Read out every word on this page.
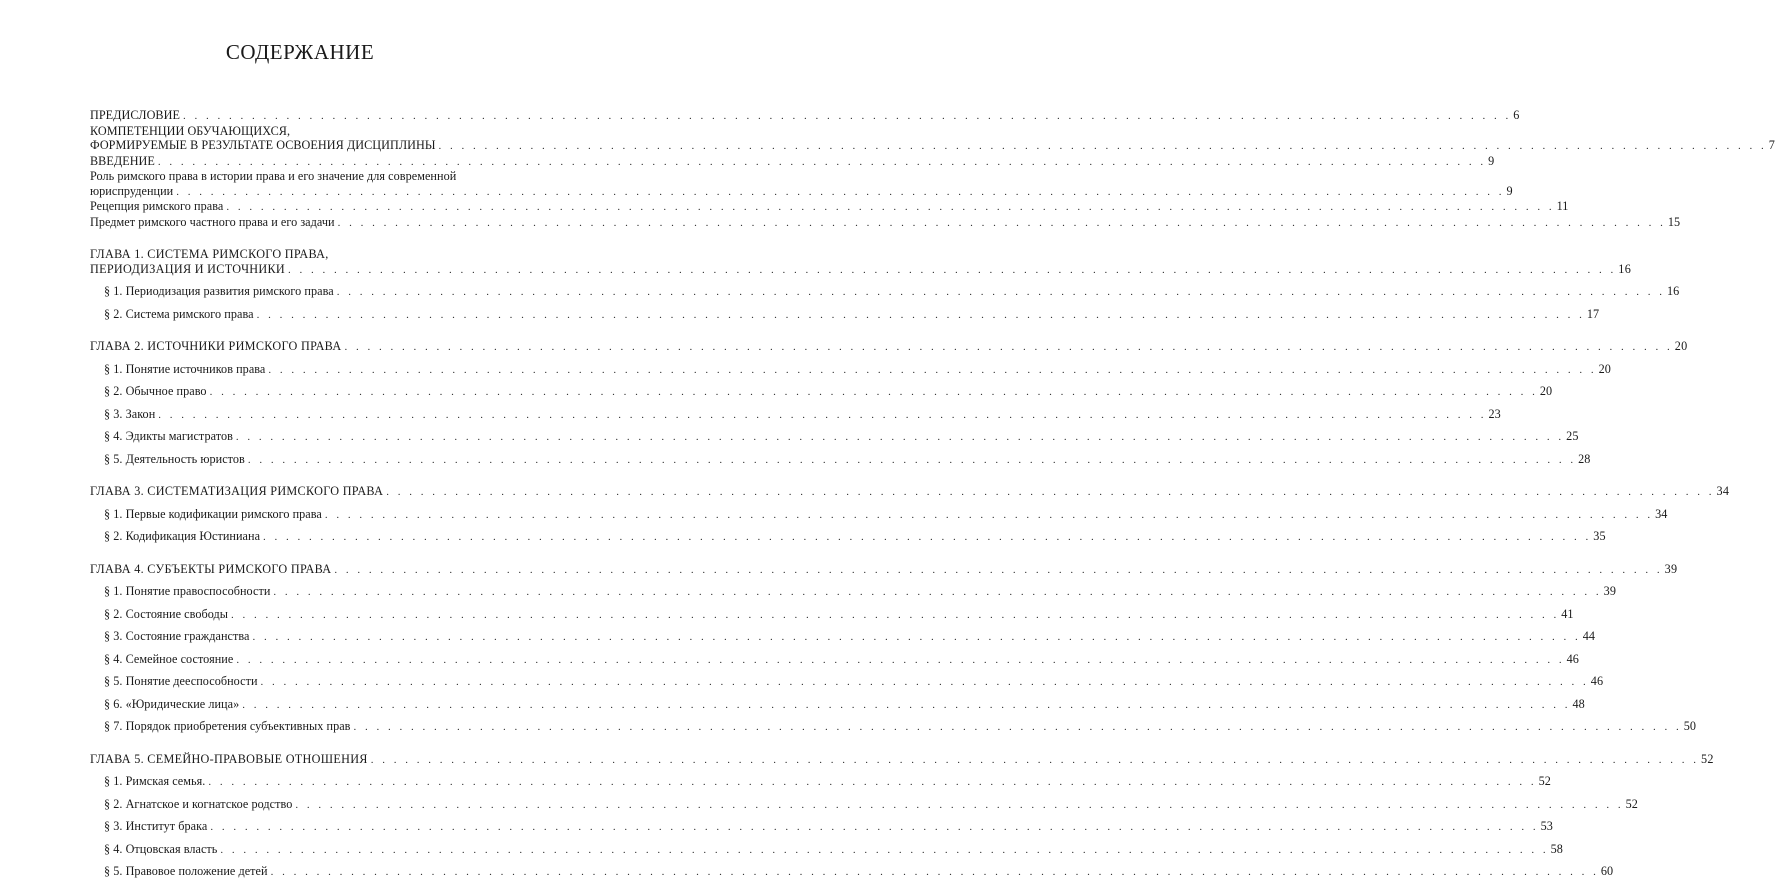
СОДЕРЖАНИЕ
ПРЕДИСЛОВИЕ . . .	6
КОМПЕТЕНЦИИ ОБУЧАЮЩИХСЯ,
ФОРМИРУЕМЫЕ В РЕЗУЛЬТАТЕ ОСВОЕНИЯ ДИСЦИПЛИНЫ . . .	7
ВВЕДЕНИЕ . . .	9
Роль римского права в истории права и его значение для современной
юриспруденции . . .	9
Рецепция римского права . . .	11
Предмет римского частного права и его задачи . . .	15
ГЛАВА 1. СИСТЕМА РИМСКОГО ПРАВА,
ПЕРИОДИЗАЦИЯ И ИСТОЧНИКИ . . .	16
§ 1. Периодизация развития римского права . . .	16
§ 2. Система римского права . . .	17
ГЛАВА 2. ИСТОЧНИКИ РИМСКОГО ПРАВА . . .	20
§ 1. Понятие источников права . . .	20
§ 2. Обычное право . . .	20
§ 3. Закон . . .	23
§ 4. Эдикты магистратов . . .	25
§ 5. Деятельность юристов . . .	28
ГЛАВА 3. СИСТЕМАТИЗАЦИЯ РИМСКОГО ПРАВА . . .	34
§ 1. Первые кодификации римского права . . .	34
§ 2. Кодификация Юстиниана . . .	35
ГЛАВА 4. СУБЪЕКТЫ РИМСКОГО ПРАВА . . .	39
§ 1. Понятие правоспособности . . .	39
§ 2. Состояние свободы . . .	41
§ 3. Состояние гражданства . . .	44
§ 4. Семейное состояние . . .	46
§ 5. Понятие дееспособности . . .	46
§ 6. «Юридические лица» . . .	48
§ 7. Порядок приобретения субъективных прав . . .	50
ГЛАВА 5. СЕМЕЙНО-ПРАВОВЫЕ ОТНОШЕНИЯ . . .	52
§ 1. Римская семья. . . .	52
§ 2. Агнатское и когнатское родство . . .	52
§ 3. Институт брака . . .	53
§ 4. Отцовская власть . . .	58
§ 5. Правовое положение детей . . .	60
